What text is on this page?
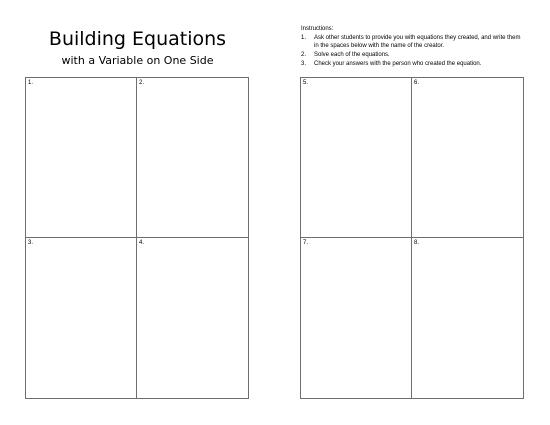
Building Equations
with a Variable on One Side
Instructions:
1.	Ask other students to provide you with equations they created, and write them in the spaces below with the name of the creator.
2.	Solve each of the equations.
3.	Check your answers with the person who created the equation.
1.	2.
3.	4.
5.	6.
7.	8.
